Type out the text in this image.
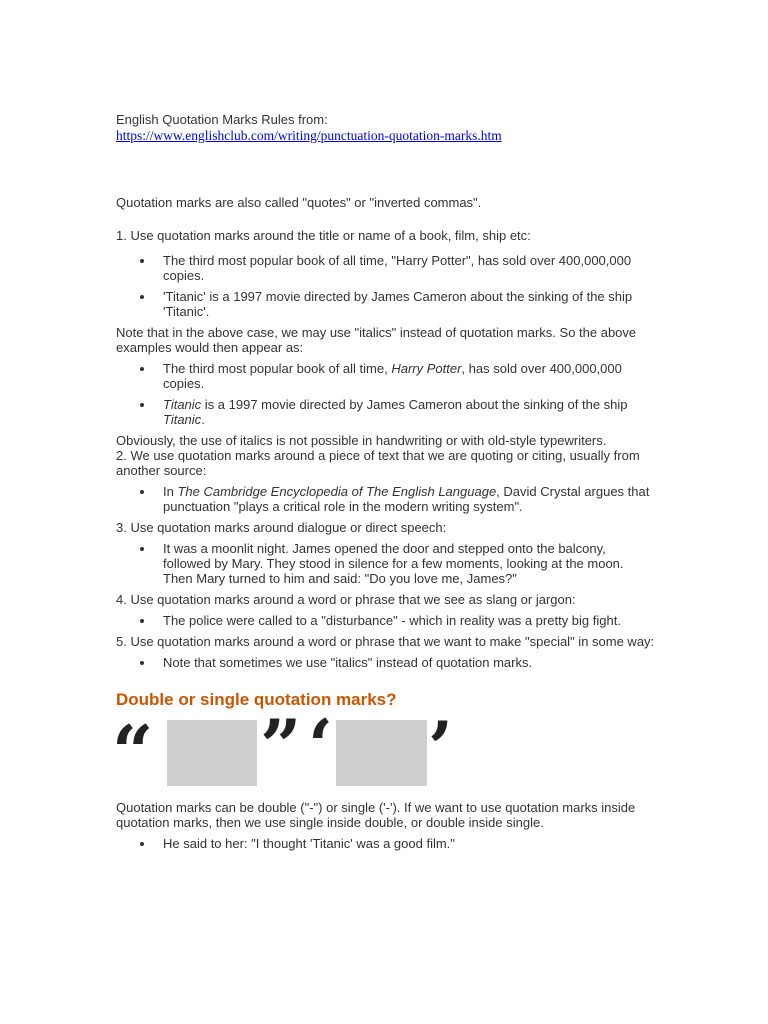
English Quotation Marks Rules from:

https://www.englishclub.com/writing/punctuation-quotation-marks.htm

Quotation marks are also called "quotes" or "inverted commas".

1. Use quotation marks around the title or name of a book, film, ship etc:

The third most popular book of all time, "Harry Potter", has sold over 400,000,000 copies.
'Titanic' is a 1997 movie directed by James Cameron about the sinking of the ship 'Titanic'.

Note that in the above case, we may use "italics" instead of quotation marks. So the above examples would then appear as:

The third most popular book of all time, Harry Potter, has sold over 400,000,000 copies.
Titanic is a 1997 movie directed by James Cameron about the sinking of the ship Titanic.

Obviously, the use of italics is not possible in handwriting or with old-style typewriters.

2. We use quotation marks around a piece of text that we are quoting or citing, usually from another source:

In The Cambridge Encyclopedia of The English Language, David Crystal argues that punctuation "plays a critical role in the modern writing system".

3. Use quotation marks around dialogue or direct speech:

It was a moonlit night. James opened the door and stepped onto the balcony, followed by Mary. They stood in silence for a few moments, looking at the moon. Then Mary turned to him and said: "Do you love me, James?"

4. Use quotation marks around a word or phrase that we see as slang or jargon:

The police were called to a "disturbance" - which in reality was a pretty big fight.

5. Use quotation marks around a word or phrase that we want to make "special" in some way:

Note that sometimes we use "italics" instead of quotation marks.
Double or single quotation marks?
“ ” ‘ ’

Quotation marks can be double ("-") or single ('-'). If we want to use quotation marks inside quotation marks, then we use single inside double, or double inside single.

He said to her: "I thought 'Titanic' was a good film."
